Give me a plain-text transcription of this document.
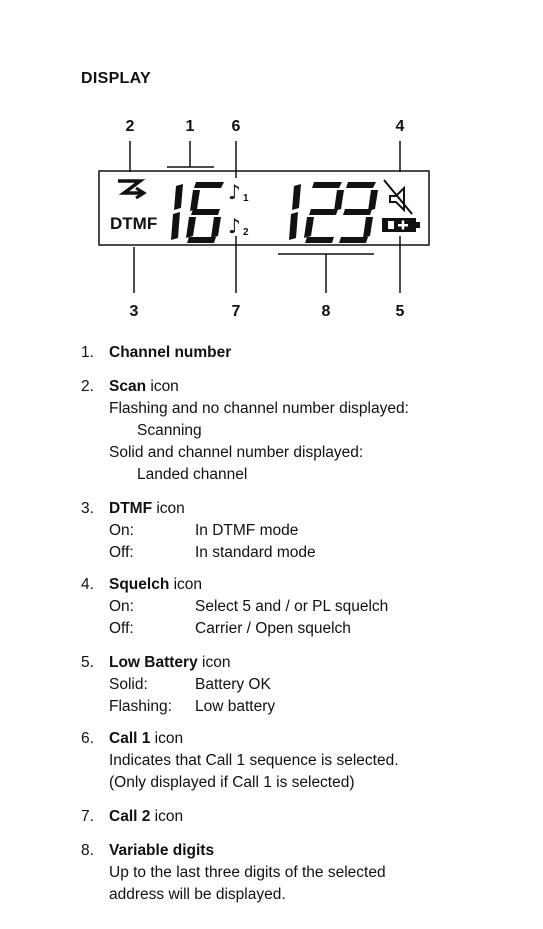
DISPLAY
2	1 6	4
3	7	8	5
DTMF
♪ 1
♪ 2
1. Channel number
2. Scan icon
Flashing and no channel number displayed:
Scanning
Solid and channel number displayed:
Landed channel
3. DTMF icon
On:	In DTMF mode
Off:	In standard mode
4. Squelch icon
On:	Select 5 and / or PL squelch
Off:	Carrier / Open squelch
5. Low Battery icon
Solid:	Battery OK
Flashing:	Low battery
6. Call 1 icon
Indicates that Call 1 sequence is selected.
(Only displayed if Call 1 is selected)
7. Call 2 icon
8. Variable digits
Up to the last three digits of the selected
address will be displayed.
